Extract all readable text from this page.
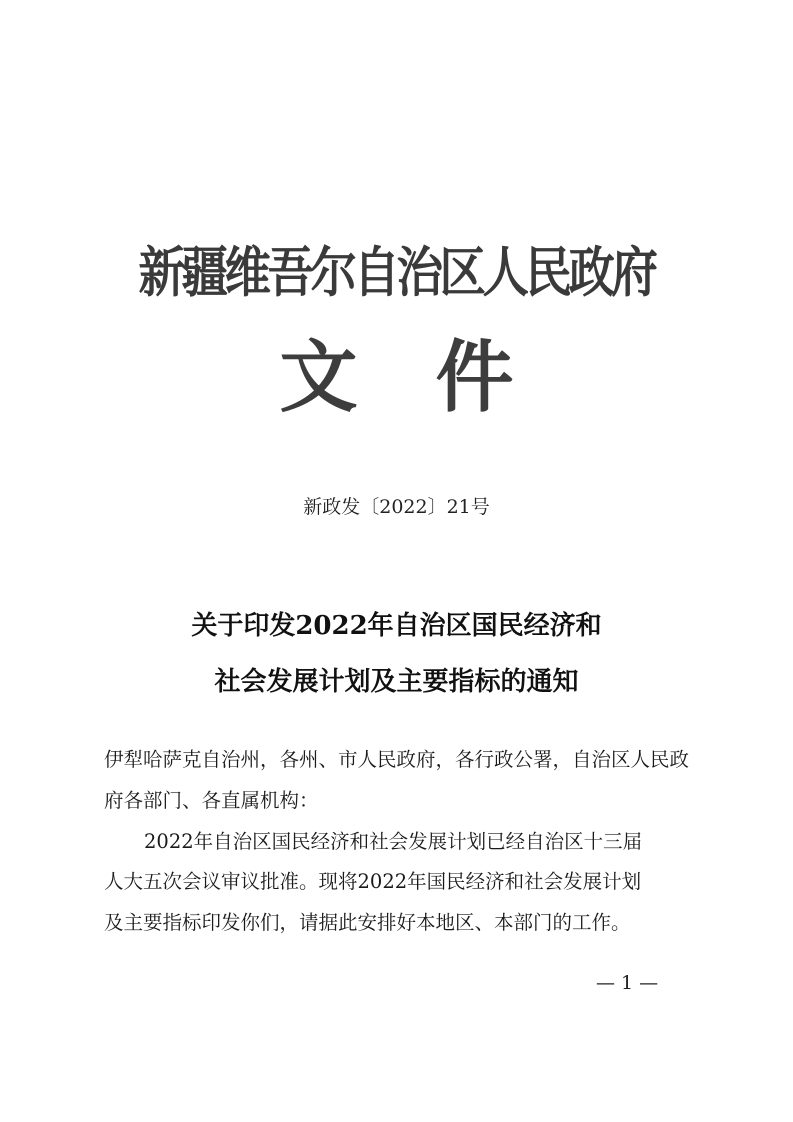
新疆维吾尔自治区人民政府
文件
新政发〔2022〕21号
关于印发2022年自治区国民经济和
社会发展计划及主要指标的通知

伊犁哈萨克自治州，各州、市人民政府，各行政公署，自治区人民政

府各部门、各直属机构：

2022年自治区国民经济和社会发展计划已经自治区十三届

人大五次会议审议批准。现将2022年国民经济和社会发展计划

及主要指标印发你们，请据此安排好本地区、本部门的工作。

— 1 —
